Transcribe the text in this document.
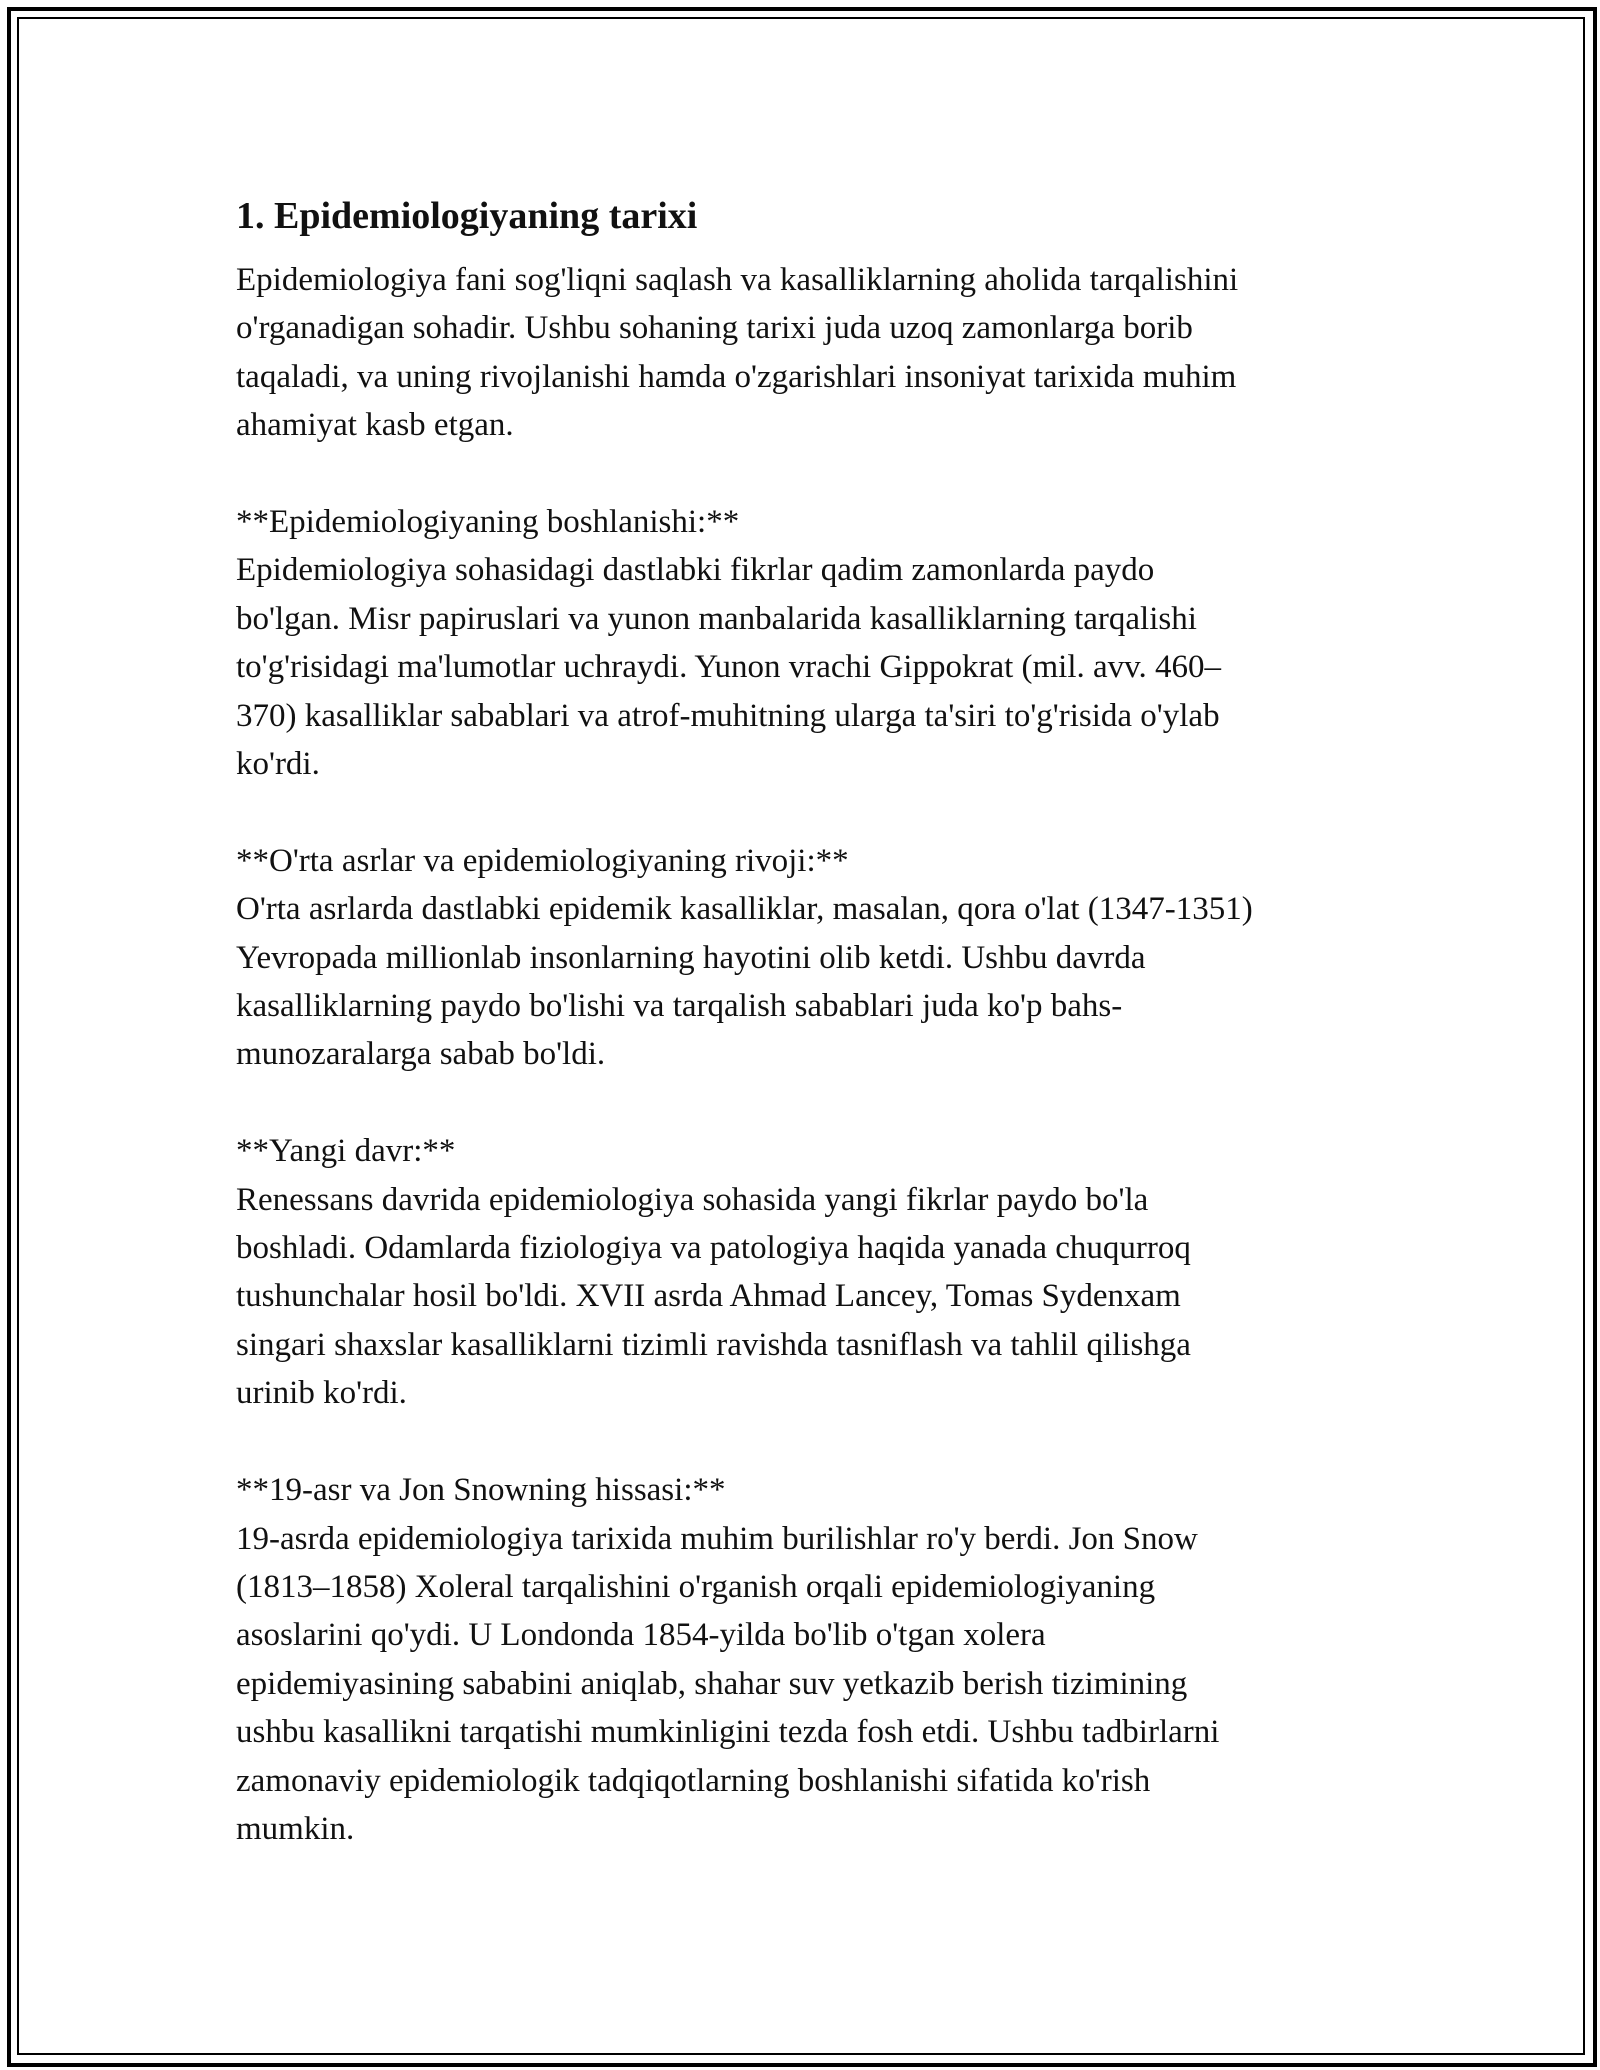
1. Epidemiologiyaning tarixi

Epidemiologiya fani sog'liqni saqlash va kasalliklarning aholida tarqalishini
o'rganadigan sohadir. Ushbu sohaning tarixi juda uzoq zamonlarga borib
taqaladi, va uning rivojlanishi hamda o'zgarishlari insoniyat tarixida muhim
ahamiyat kasb etgan.

**Epidemiologiyaning boshlanishi:**
Epidemiologiya sohasidagi dastlabki fikrlar qadim zamonlarda paydo
bo'lgan. Misr papiruslari va yunon manbalarida kasalliklarning tarqalishi
to'g'risidagi ma'lumotlar uchraydi. Yunon vrachi Gippokrat (mil. avv. 460–
370) kasalliklar sabablari va atrof-muhitning ularga ta'siri to'g'risida o'ylab
ko'rdi.

**O'rta asrlar va epidemiologiyaning rivoji:**
O'rta asrlarda dastlabki epidemik kasalliklar, masalan, qora o'lat (1347-1351)
Yevropada millionlab insonlarning hayotini olib ketdi. Ushbu davrda
kasalliklarning paydo bo'lishi va tarqalish sabablari juda ko'p bahs-
munozaralarga sabab bo'ldi.

**Yangi davr:**
Renessans davrida epidemiologiya sohasida yangi fikrlar paydo bo'la
boshladi. Odamlarda fiziologiya va patologiya haqida yanada chuqurroq
tushunchalar hosil bo'ldi. XVII asrda Ahmad Lancey, Tomas Sydenxam
singari shaxslar kasalliklarni tizimli ravishda tasniflash va tahlil qilishga
urinib ko'rdi.

**19-asr va Jon Snowning hissasi:**
19-asrda epidemiologiya tarixida muhim burilishlar ro'y berdi. Jon Snow
(1813–1858) Xoleral tarqalishini o'rganish orqali epidemiologiyaning
asoslarini qo'ydi. U Londonda 1854-yilda bo'lib o'tgan xolera
epidemiyasining sababini aniqlab, shahar suv yetkazib berish tizimining
ushbu kasallikni tarqatishi mumkinligini tezda fosh etdi. Ushbu tadbirlarni
zamonaviy epidemiologik tadqiqotlarning boshlanishi sifatida ko'rish
mumkin.
